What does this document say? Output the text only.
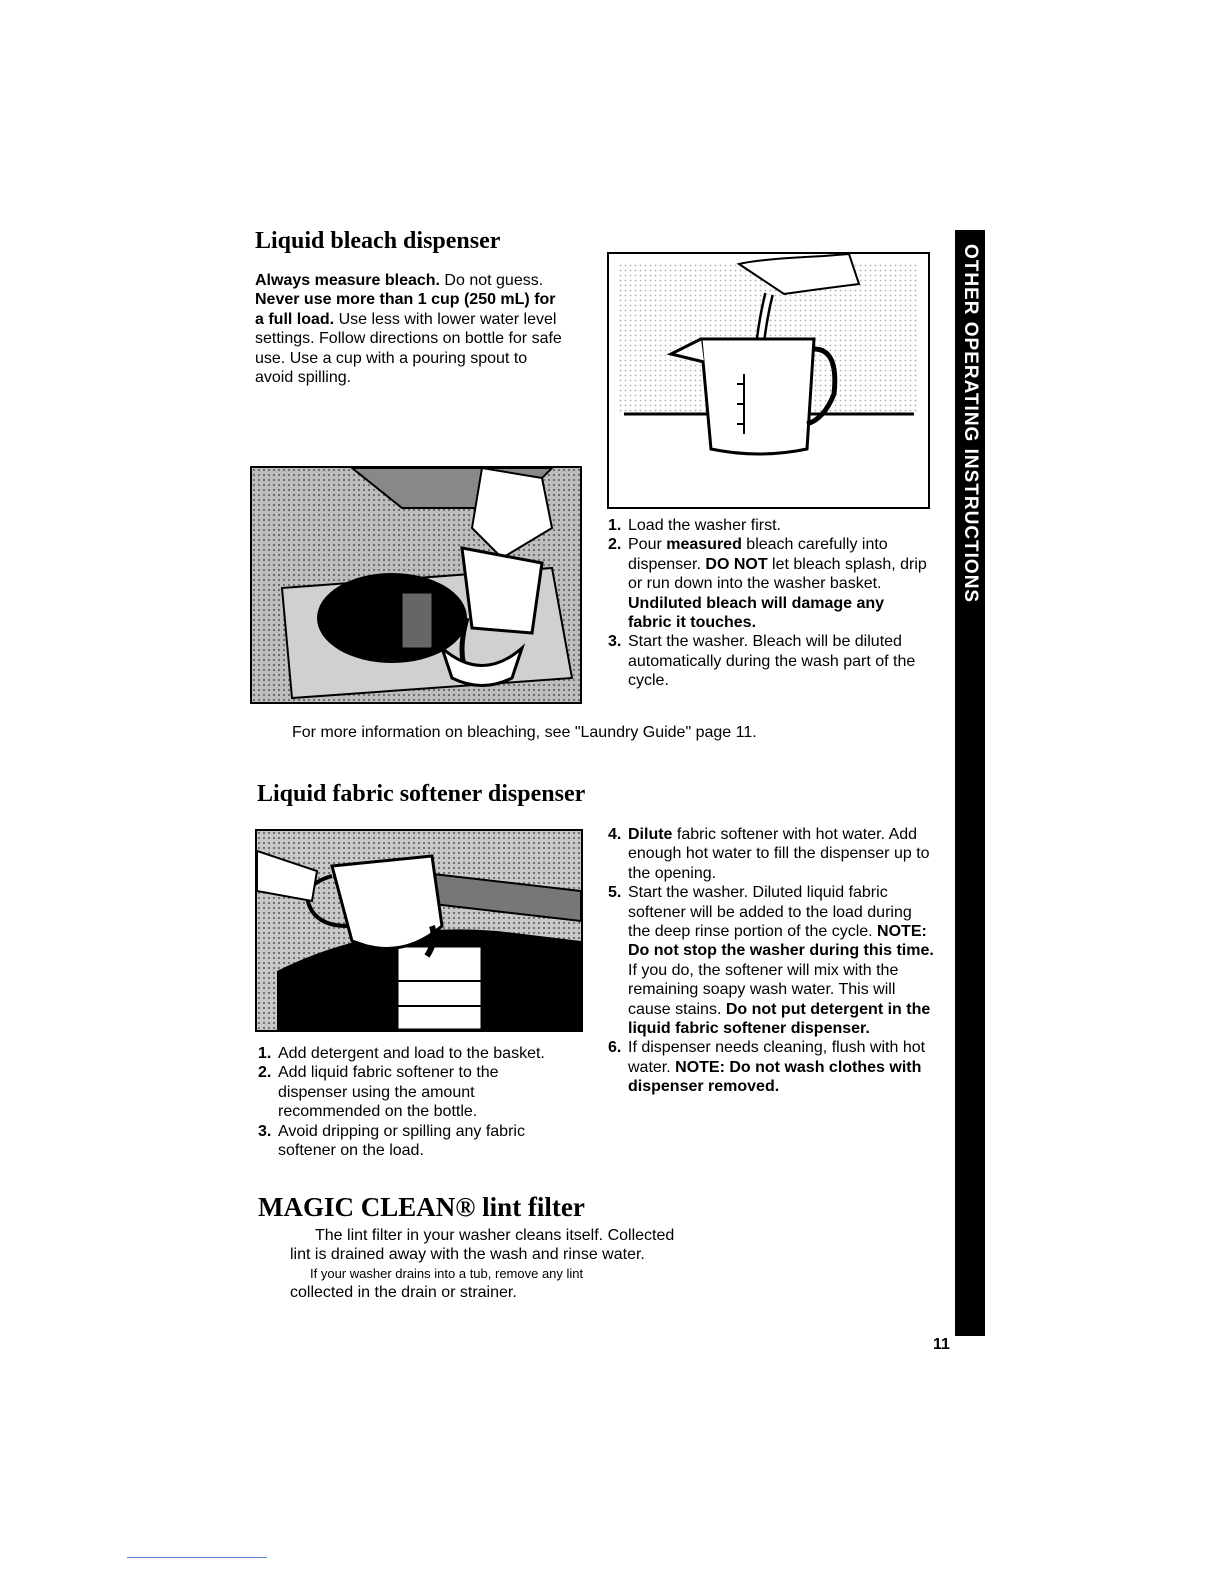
Liquid bleach dispenser

Always measure bleach. Do not guess. Never use more than 1 cup (250 mL) for a full load. Use less with lower water level settings. Follow directions on bottle for safe use. Use a cup with a pouring spout to avoid spilling.

1. Load the washer first.
2. Pour measured bleach carefully into dispenser. DO NOT let bleach splash, drip or run down into the washer basket. Undiluted bleach will damage any fabric it touches.
3. Start the washer. Bleach will be diluted automatically during the wash part of the cycle.
For more information on bleaching, see "Laundry Guide" page 11.
Liquid fabric softener dispenser
1. Add detergent and load to the basket.
2. Add liquid fabric softener to the dispenser using the amount recommended on the bottle.
3. Avoid dripping or spilling any fabric softener on the load.
4. Dilute fabric softener with hot water. Add enough hot water to fill the dispenser up to the opening.
5. Start the washer. Diluted liquid fabric softener will be added to the load during the deep rinse portion of the cycle. NOTE: Do not stop the washer during this time. If you do, the softener will mix with the remaining soapy wash water. This will cause stains. Do not put detergent in the liquid fabric softener dispenser.
6. If dispenser needs cleaning, flush with hot water. NOTE: Do not wash clothes with dispenser removed.
MAGIC CLEAN® lint filter

The lint filter in your washer cleans itself. Collected

lint is drained away with the wash and rinse water.

If your washer drains into a tub, remove any lint

collected in the drain or strainer.

OTHER OPERATING INSTRUCTIONS
11
